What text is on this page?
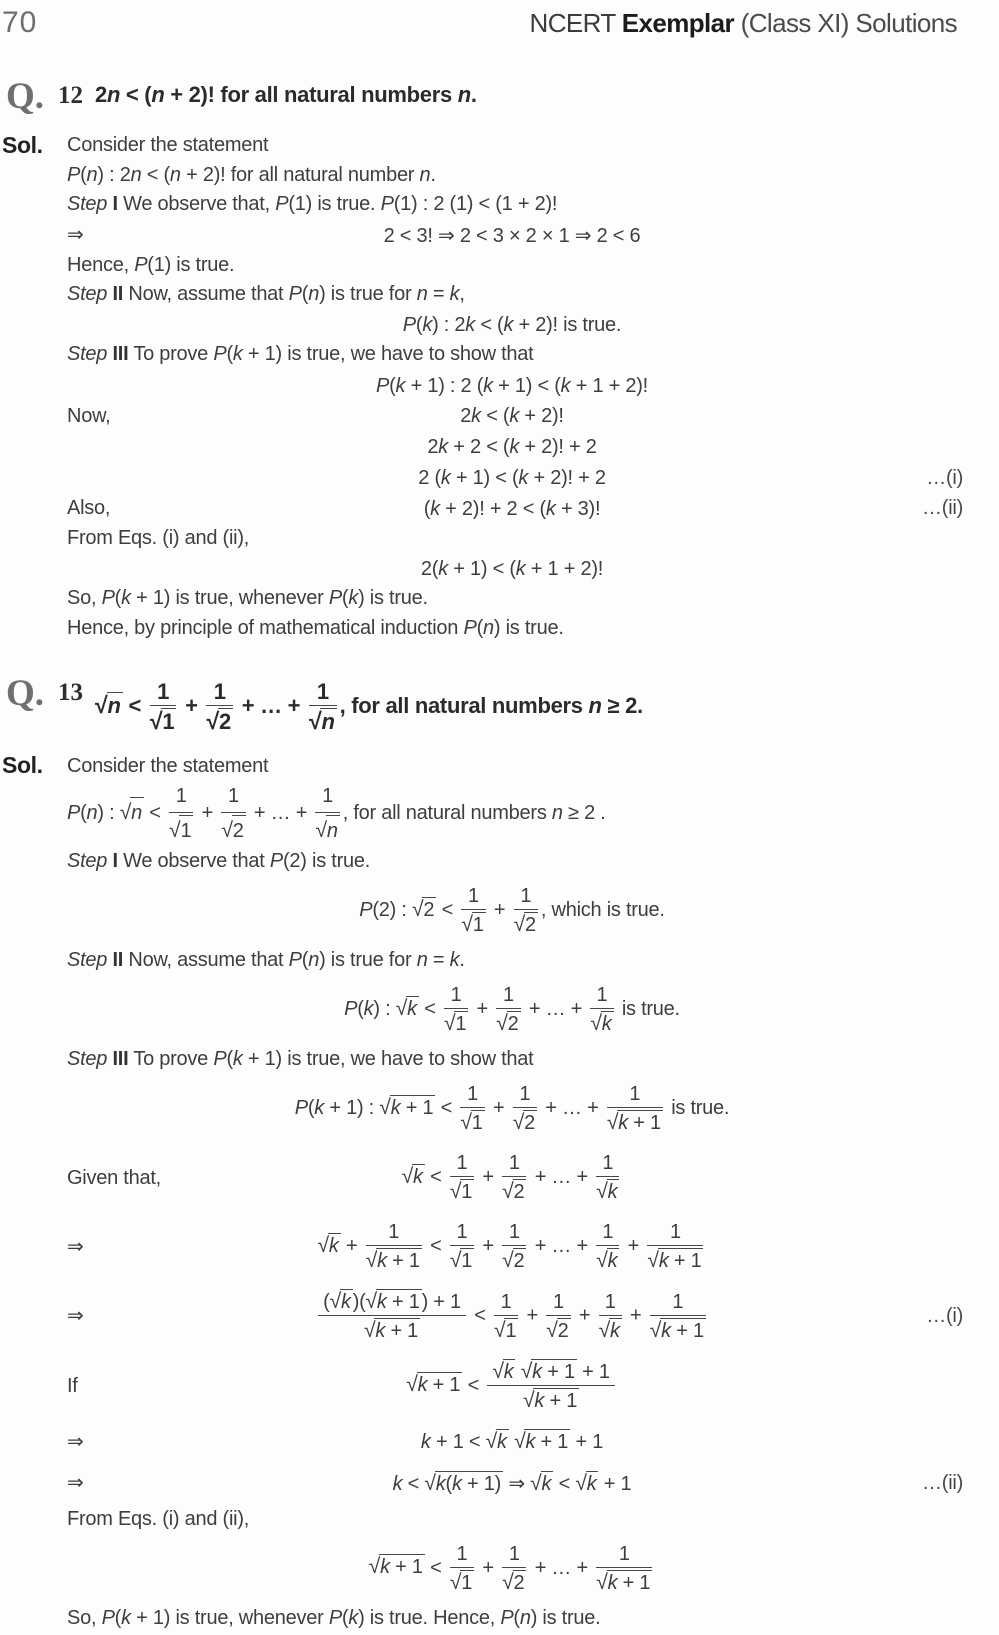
70	NCERT Exemplar (Class XI) Solutions
Q. 12 2n < (n + 2)! for all natural numbers n.
Sol.	Consider the statement
P(n) : 2n < (n + 2)! for all natural number n.
Step I We observe that, P(1) is true. P(1) : 2 (1) < (1 + 2)!
⇒	2 < 3! ⇒ 2 < 3 × 2 × 1 ⇒ 2 < 6
Hence, P(1) is true.
Step II Now, assume that P(n) is true for n = k,
P(k) : 2k < (k + 2)! is true.
Step III To prove P(k + 1) is true, we have to show that
P(k + 1) : 2 (k + 1) < (k + 1 + 2)!
Now,	2k < (k + 2)!
2k + 2 < (k + 2)! + 2
2 (k + 1) < (k + 2)! + 2	…(i)
Also,	(k + 2)! + 2 < (k + 3)!	…(ii)
From Eqs. (i) and (ii),
2(k + 1) < (k + 1 + 2)!
So, P(k + 1) is true, whenever P(k) is true.
Hence, by principle of mathematical induction P(n) is true.
Q. 13 $√n < \frac{1}{√1} + \frac{1}{√2}$ + … + $\frac{1}{√n}$ , for all natural numbers n ≥ 2.
Sol.	Consider the statement
P(n) : $√n < \frac{1}{√1} + \frac{1}{√2}$ + … + $\frac{1}{√n}$ , for all natural numbers n ≥ 2 .
Step I We observe that P(2) is true.
P(2) : $√2 < \frac{1}{√1} + \frac{1}{√2}$ , which is true.
Step II Now, assume that P(n) is true for n = k.
P(k) : $√k < \frac{1}{√1} + \frac{1}{√2}$ + … + $\frac{1}{√k}$ is true.
Step III To prove P(k + 1) is true, we have to show that
P(k + 1) : $√k + 1 < \frac{1}{√1} + \frac{1}{√2}$ + … + $\frac{1}{√k + 1}$ is true.
Given that,	$√k < \frac{1}{√1} + \frac{1}{√2}$ + … + $\frac{1}{√k}$
⇒	$√k + \frac{1}{√k + 1} < \frac{1}{√1} + \frac{1}{√2}$ + … + $\frac{1}{√k} + \frac{1}{√k + 1}$
⇒	$\frac{(√k )(√k + 1 ) + 1}{√k + 1} < \frac{1}{√1} + \frac{1}{√2} + \frac{1}{√k} + \frac{1}{√k + 1}$	…(i)
If	$√k + 1 < \frac{√k √k + 1 + 1}{√k + 1}$
⇒	k + 1 < √k √k + 1 + 1
⇒	k < √k(k + 1) ⇒ √k < √k + 1	…(ii)
From Eqs. (i) and (ii),
$√k + 1 < \frac{1}{√1} + \frac{1}{√2}$ + … + $\frac{1}{√k + 1}$
So, P(k + 1) is true, whenever P(k) is true. Hence, P(n) is true.
